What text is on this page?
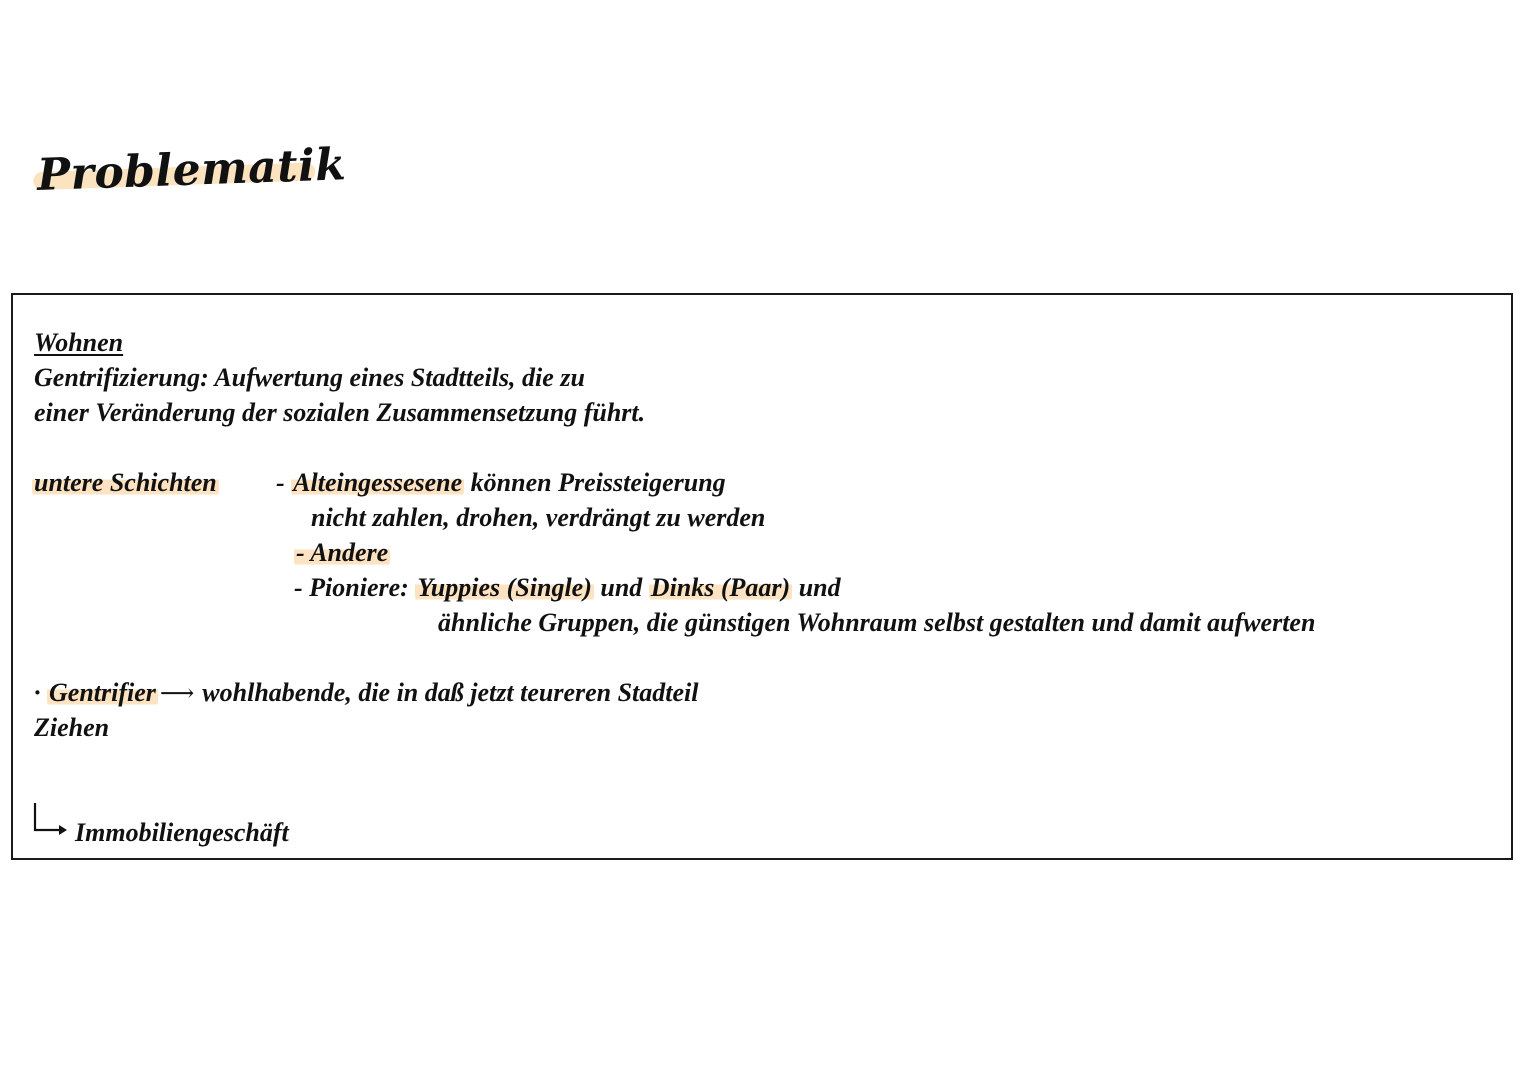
Problematik
Wohnen
Gentrifizierung: Aufwertung eines Stadtteils, die zu
einer Veränderung der sozialen Zusammensetzung führt.
untere Schichten - Alteingessesene können Preissteigerung
nicht zahlen, drohen, verdrängt zu werden
- Andere
- Pioniere: Yuppies (Single) und Dinks (Paar) und
ähnliche Gruppen, die günstigen Wohnraum selbst gestalten und damit aufwerten
· Gentrifier ⟶ wohlhabende, die in daß jetzt teureren Stadteil
Ziehen
Immobiliengeschäft
